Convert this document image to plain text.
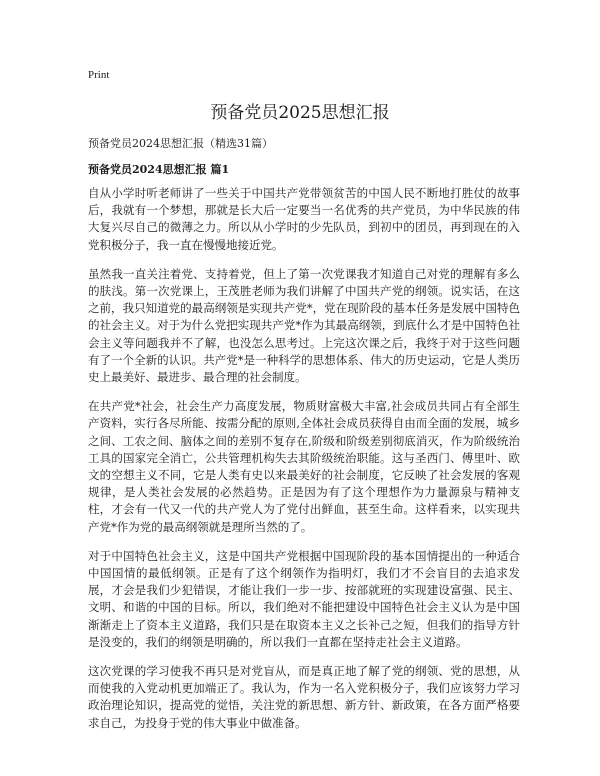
Print
预备党员2025思想汇报

预备党员2024思想汇报（精选31篇）

预备党员2024思想汇报 篇1

自从小学时听老师讲了一些关于中国共产党带领贫苦的中国人民不断地打胜仗的故事后，我就有一个梦想，那就是长大后一定要当一名优秀的共产党员，为中华民族的伟大复兴尽自己的微薄之力。所以从小学时的少先队员，到初中的团员，再到现在的入党积极分子，我一直在慢慢地接近党。

虽然我一直关注着党、支持着党，但上了第一次党课我才知道自己对党的理解有多么的肤浅。第一次党课上，王茂胜老师为我们讲解了中国共产党的纲领。说实话，在这之前，我只知道党的最高纲领是实现共产党*，党在现阶段的基本任务是发展中国特色的社会主义。对于为什么党把实现共产党*作为其最高纲领，到底什么才是中国特色社会主义等问题我并不了解，也没怎么思考过。上完这次课之后，我终于对于这些问题有了一个全新的认识。共产党*是一种科学的思想体系、伟大的历史运动，它是人类历史上最美好、最进步、最合理的社会制度。

在共产党*社会，社会生产力高度发展，物质财富极大丰富,社会成员共同占有全部生产资料，实行各尽所能、按需分配的原则,全体社会成员获得自由而全面的发展，城乡之间、工农之间、脑体之间的差别不复存在,阶级和阶级差别彻底消灭，作为阶级统治工具的国家完全消亡，公共管理机构失去其阶级统治职能。这与圣西门、傅里叶、欧文的空想主义不同，它是人类有史以来最美好的社会制度，它反映了社会发展的客观规律，是人类社会发展的必然趋势。正是因为有了这个理想作为力量源泉与精神支柱，才会有一代又一代的共产党人为了党付出鲜血，甚至生命。这样看来，以实现共产党*作为党的最高纲领就是理所当然的了。

对于中国特色社会主义，这是中国共产党根据中国现阶段的基本国情提出的一种适合中国国情的最低纲领。正是有了这个纲领作为指明灯，我们才不会盲目的去追求发展，才会是我们少犯错误，才能让我们一步一步、按部就班的实现建设富强、民主、文明、和谐的中国的目标。所以，我们绝对不能把建设中国特色社会主义认为是中国渐渐走上了资本主义道路，我们只是在取资本主义之长补己之短，但我们的指导方针是没变的，我们的纲领是明确的，所以我们一直都在坚持走社会主义道路。

这次党课的学习使我不再只是对党盲从，而是真正地了解了党的纲领、党的思想，从而使我的入党动机更加端正了。我认为，作为一名入党积极分子，我们应该努力学习政治理论知识，提高党的觉悟，关注党的新思想、新方针、新政策，在各方面严格要求自己，为投身于党的伟大事业中做准备。
